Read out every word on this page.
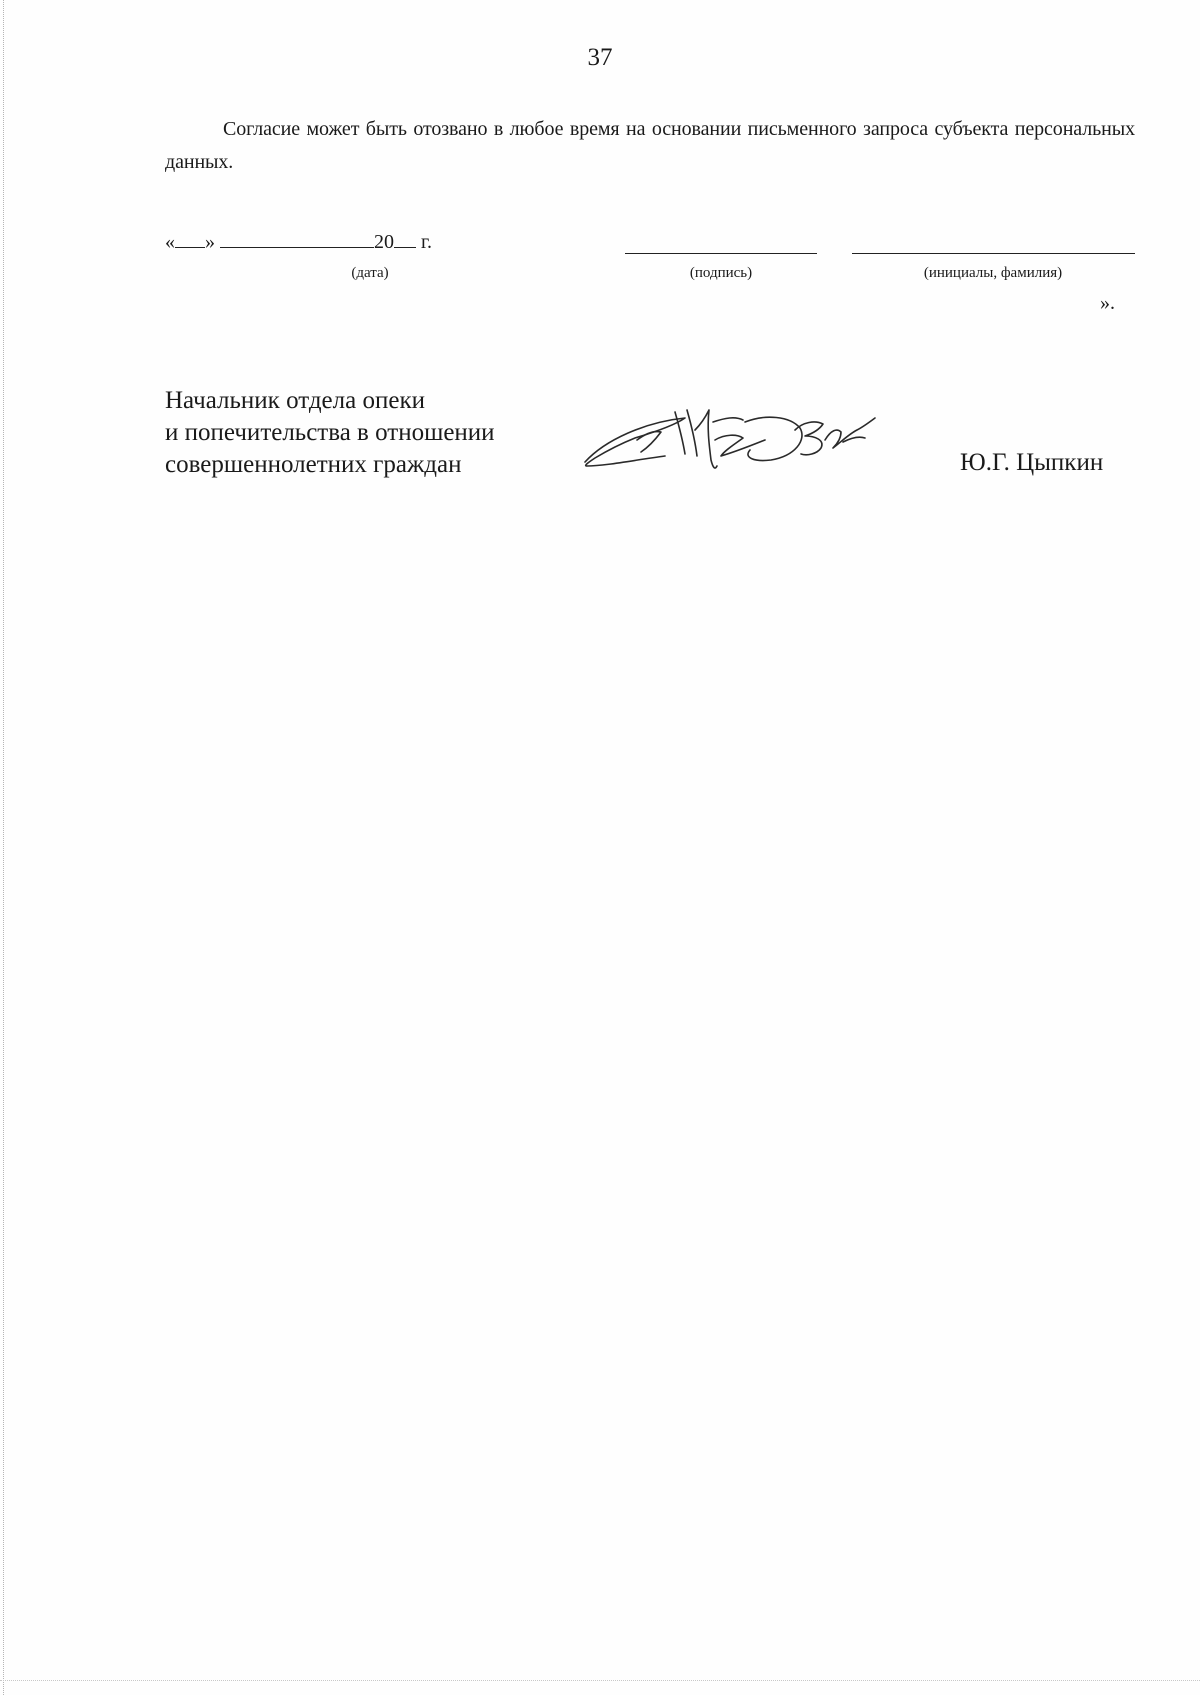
37
Согласие может быть отозвано в любое время на основании письменного запроса субъекта персональных данных.
« »	20 г.
(дата)	(подпись)	(инициалы, фамилия)
».
Начальник отдела опеки
и попечительства в отношении
совершеннолетних граждан	Ю.Г. Цыпкин
